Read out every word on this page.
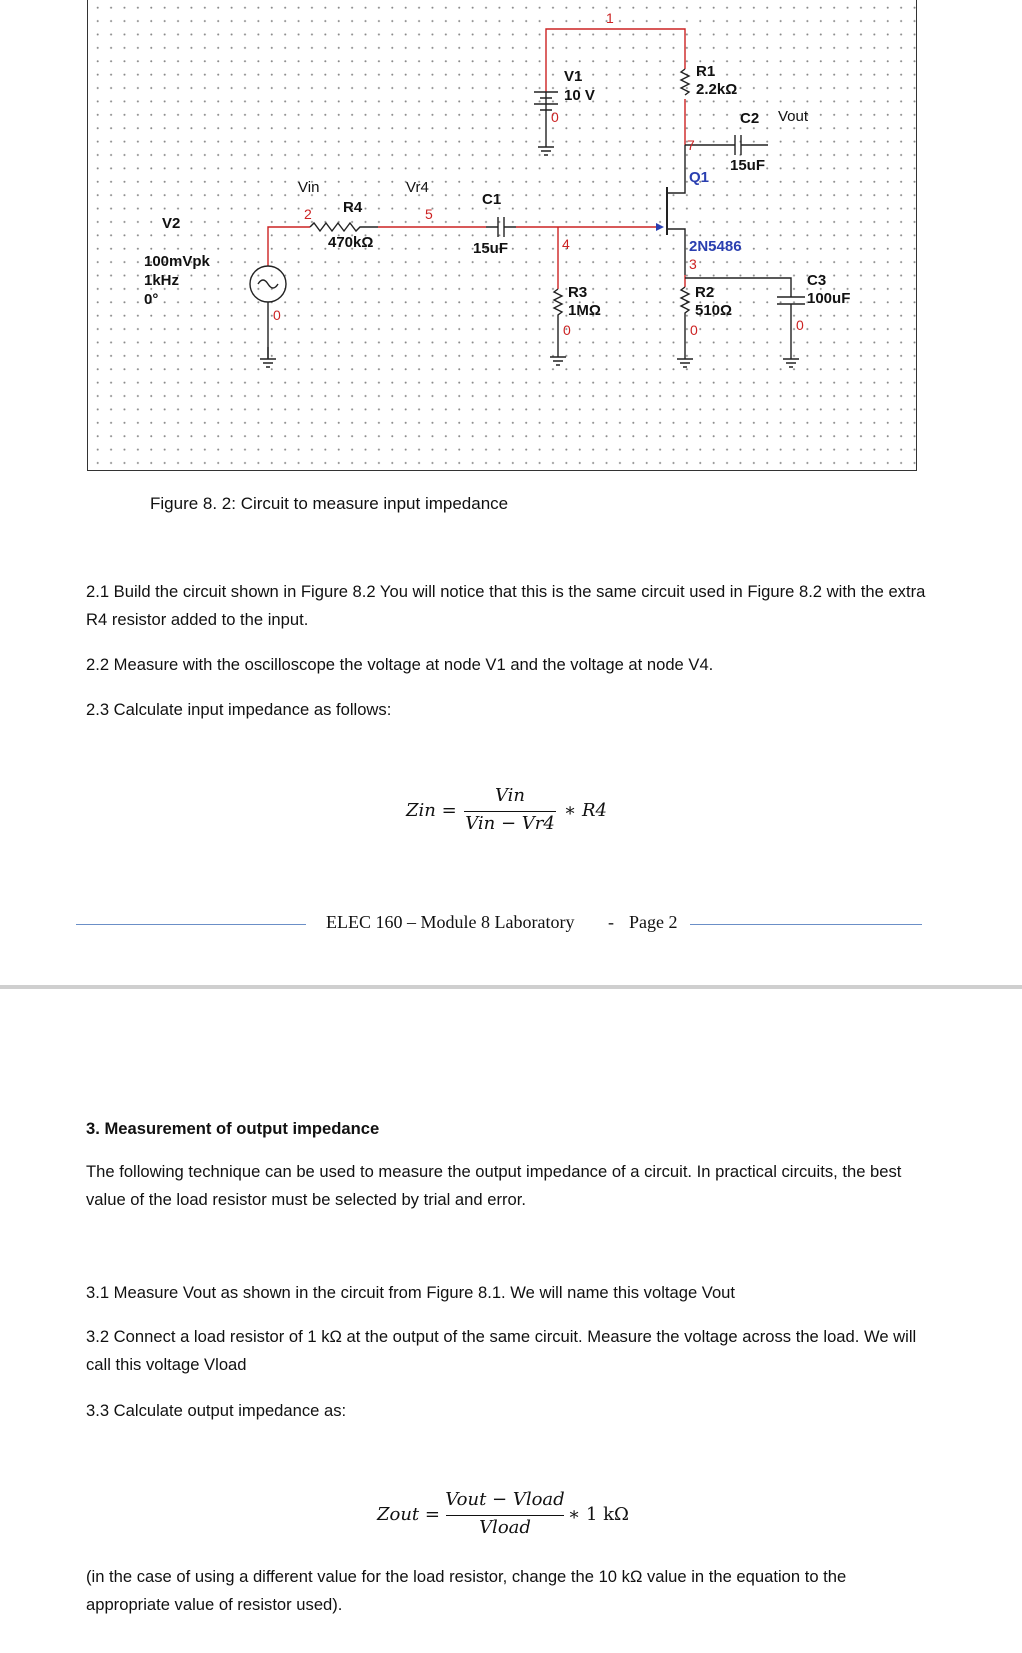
1
V1
10 V
0
R1
2.2kΩ
C2 Vout
7
15uF
Q1
2N5486
3
Vin
2
V2
100mVpk
1kHz
0°
0
R4
470kΩ
Vr4
5
C1
15uF	4
R3
1MΩ
0
R2
510Ω
0
C3
100uF
0
Figure 8. 2: Circuit to measure input impedance
2.1 Build the circuit shown in Figure 8.2 You will notice that this is the same circuit used in Figure 8.2 with the extra R4 resistor added to the input.
2.2 Measure with the oscilloscope the voltage at node V1 and the voltage at node V4.
2.3 Calculate input impedance as follows:
Zin =
Vin
Vin − Vr4
∗ R4
ELEC 160 – Module 8 Laboratory - Page 2
3. Measurement of output impedance
The following technique can be used to measure the output impedance of a circuit. In practical circuits, the best value of the load resistor must be selected by trial and error.
3.1 Measure Vout as shown in the circuit from Figure 8.1. We will name this voltage Vout
3.2 Connect a load resistor of 1 kΩ at the output of the same circuit. Measure the voltage across the load. We will call this voltage Vload
3.3 Calculate output impedance as:
Zout =
Vout − Vload
Vload
∗ 1 kΩ
(in the case of using a different value for the load resistor, change the 10 kΩ value in the equation to the appropriate value of resistor used).
